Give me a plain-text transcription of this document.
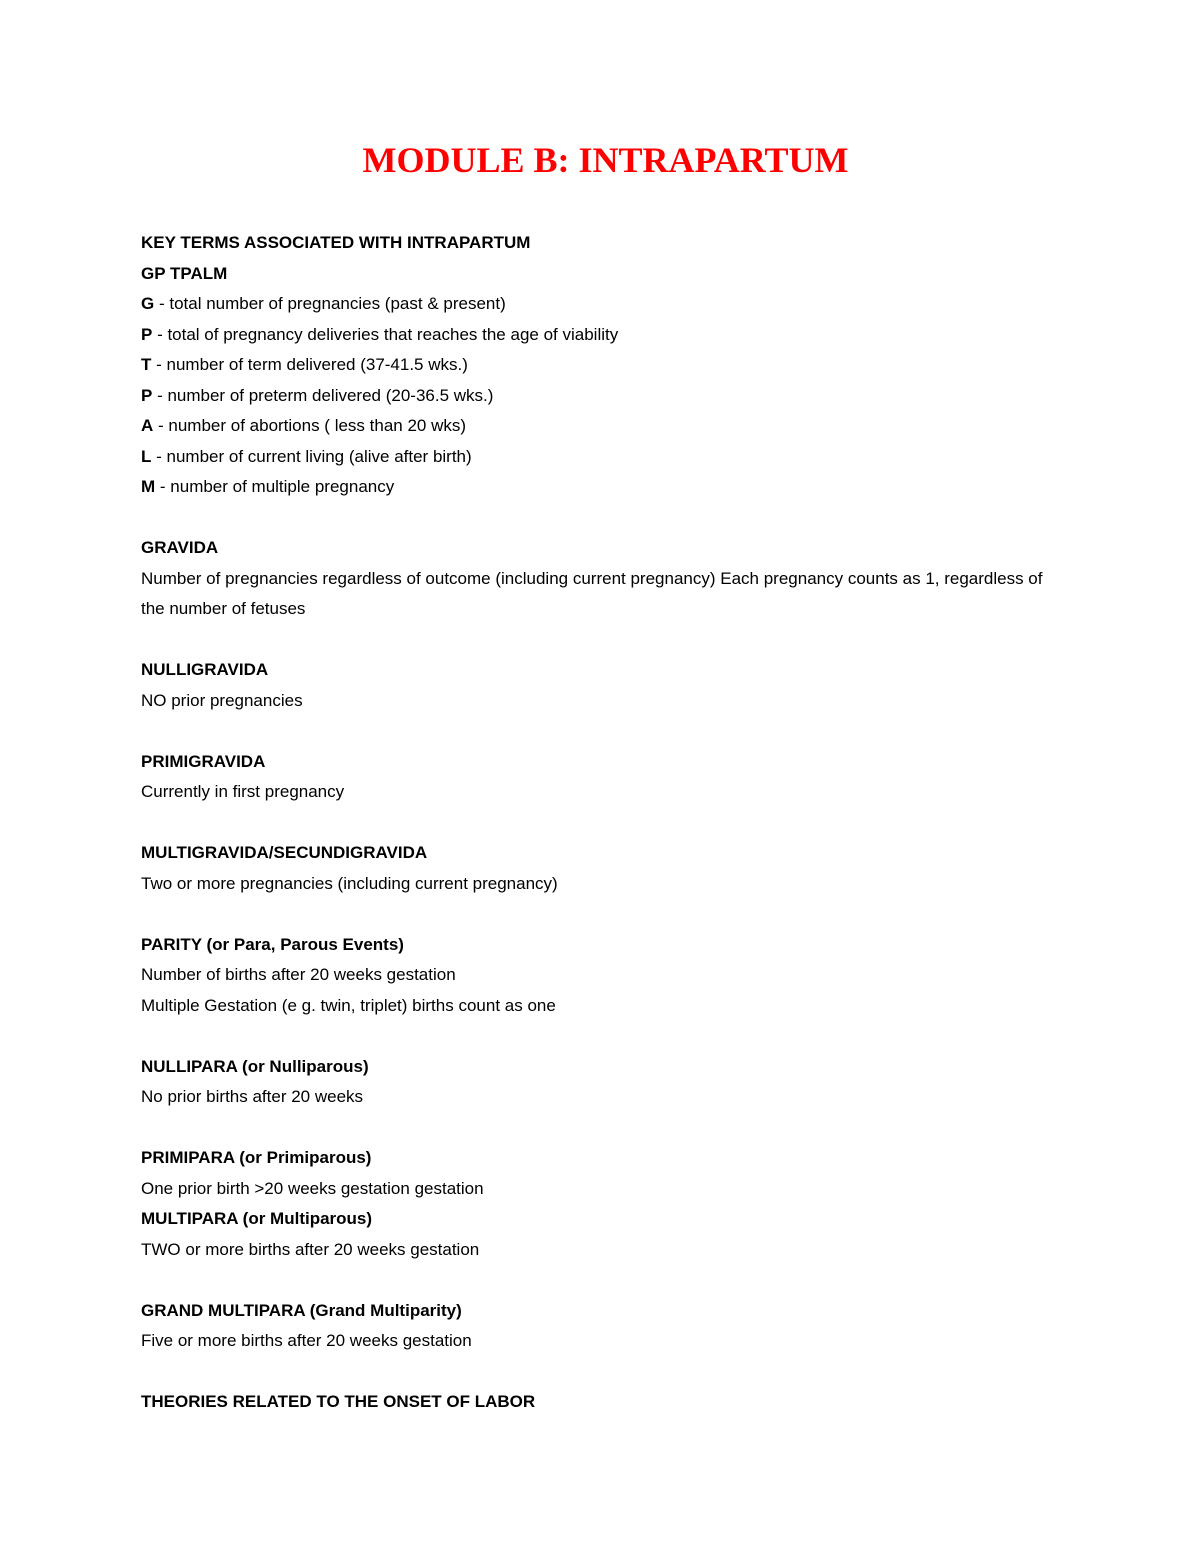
MODULE B: INTRAPARTUM

KEY TERMS ASSOCIATED WITH INTRAPARTUM

GP TPALM

G - total number of pregnancies (past & present)

P - total of pregnancy deliveries that reaches the age of viability

T - number of term delivered (37-41.5 wks.)

P - number of preterm delivered (20-36.5 wks.)

A - number of abortions ( less than 20 wks)

L - number of current living (alive after birth)

M - number of multiple pregnancy

GRAVIDA

Number of pregnancies regardless of outcome (including current pregnancy) Each pregnancy counts as 1, regardless of the number of fetuses

NULLIGRAVIDA

NO prior pregnancies

PRIMIGRAVIDA

Currently in first pregnancy

MULTIGRAVIDA/SECUNDIGRAVIDA

Two or more pregnancies (including current pregnancy)

PARITY (or Para, Parous Events)

Number of births after 20 weeks gestation

Multiple Gestation (e g. twin, triplet) births count as one

NULLIPARA (or Nulliparous)

No prior births after 20 weeks

PRIMIPARA (or Primiparous)

One prior birth >20 weeks gestation gestation

MULTIPARA (or Multiparous)

TWO or more births after 20 weeks gestation

GRAND MULTIPARA (Grand Multiparity)

Five or more births after 20 weeks gestation

THEORIES RELATED TO THE ONSET OF LABOR
